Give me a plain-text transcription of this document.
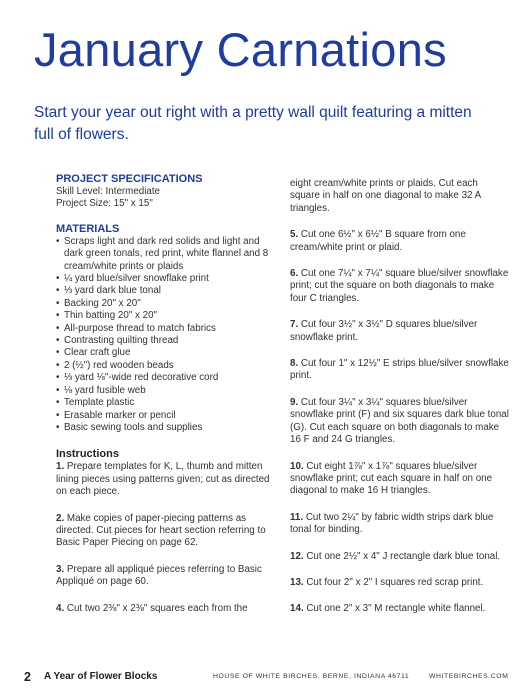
January Carnations

Start your year out right with a pretty wall quilt featuring a mitten full of flowers.

PROJECT SPECIFICATIONS

Skill Level: Intermediate

Project Size: 15" x 15"

MATERIALS

• Scraps light and dark red solids and light and dark green tonals, red print, white flannel and 8 cream/white prints or plaids
• ¼ yard blue/silver snowflake print
• ⅓ yard dark blue tonal
• Backing 20" x 20"
• Thin batting 20" x 20"
• All-purpose thread to match fabrics
• Contrasting quilting thread
• Clear craft glue
• 2 (½") red wooden beads
• ⅓ yard ⅛"-wide red decorative cord
• ⅛ yard fusible web
• Template plastic
• Erasable marker or pencil
• Basic sewing tools and supplies

Instructions

1. Prepare templates for K, L, thumb and mitten lining pieces using patterns given; cut as directed on each piece.

2. Make copies of paper-piecing patterns as directed. Cut pieces for heart section referring to Basic Paper Piecing on page 62.

3. Prepare all appliqué pieces referring to Basic Appliqué on page 60.

4. Cut two 2⅜" x 2⅜" squares each from the

eight cream/white prints or plaids. Cut each square in half on one diagonal to make 32 A triangles.

5. Cut one 6½" x 6½" B square from one cream/white print or plaid.

6. Cut one 7¼" x 7¼" square blue/silver snowflake print; cut the square on both diagonals to make four C triangles.

7. Cut four 3½" x 3½" D squares blue/silver snowflake print.

8. Cut four 1" x 12½" E strips blue/silver snowflake print.

9. Cut four 3¼" x 3¼" squares blue/silver snowflake print (F) and six squares dark blue tonal (G). Cut each square on both diagonals to make 16 F and 24 G triangles.

10. Cut eight 1⅞" x 1⅞" squares blue/silver snowflake print; cut each square in half on one diagonal to make 16 H triangles.

11. Cut two 2¼" by fabric width strips dark blue tonal for binding.

12. Cut one 2½" x 4" J rectangle dark blue tonal.

13. Cut four 2" x 2" I squares red scrap print.

14. Cut one 2" x 3" M rectangle white flannel.

2 A Year of Flower Blocks	HOUSE OF WHITE BIRCHES, BERNE, INDIANA 46711	WHITEBIRCHES.COM
